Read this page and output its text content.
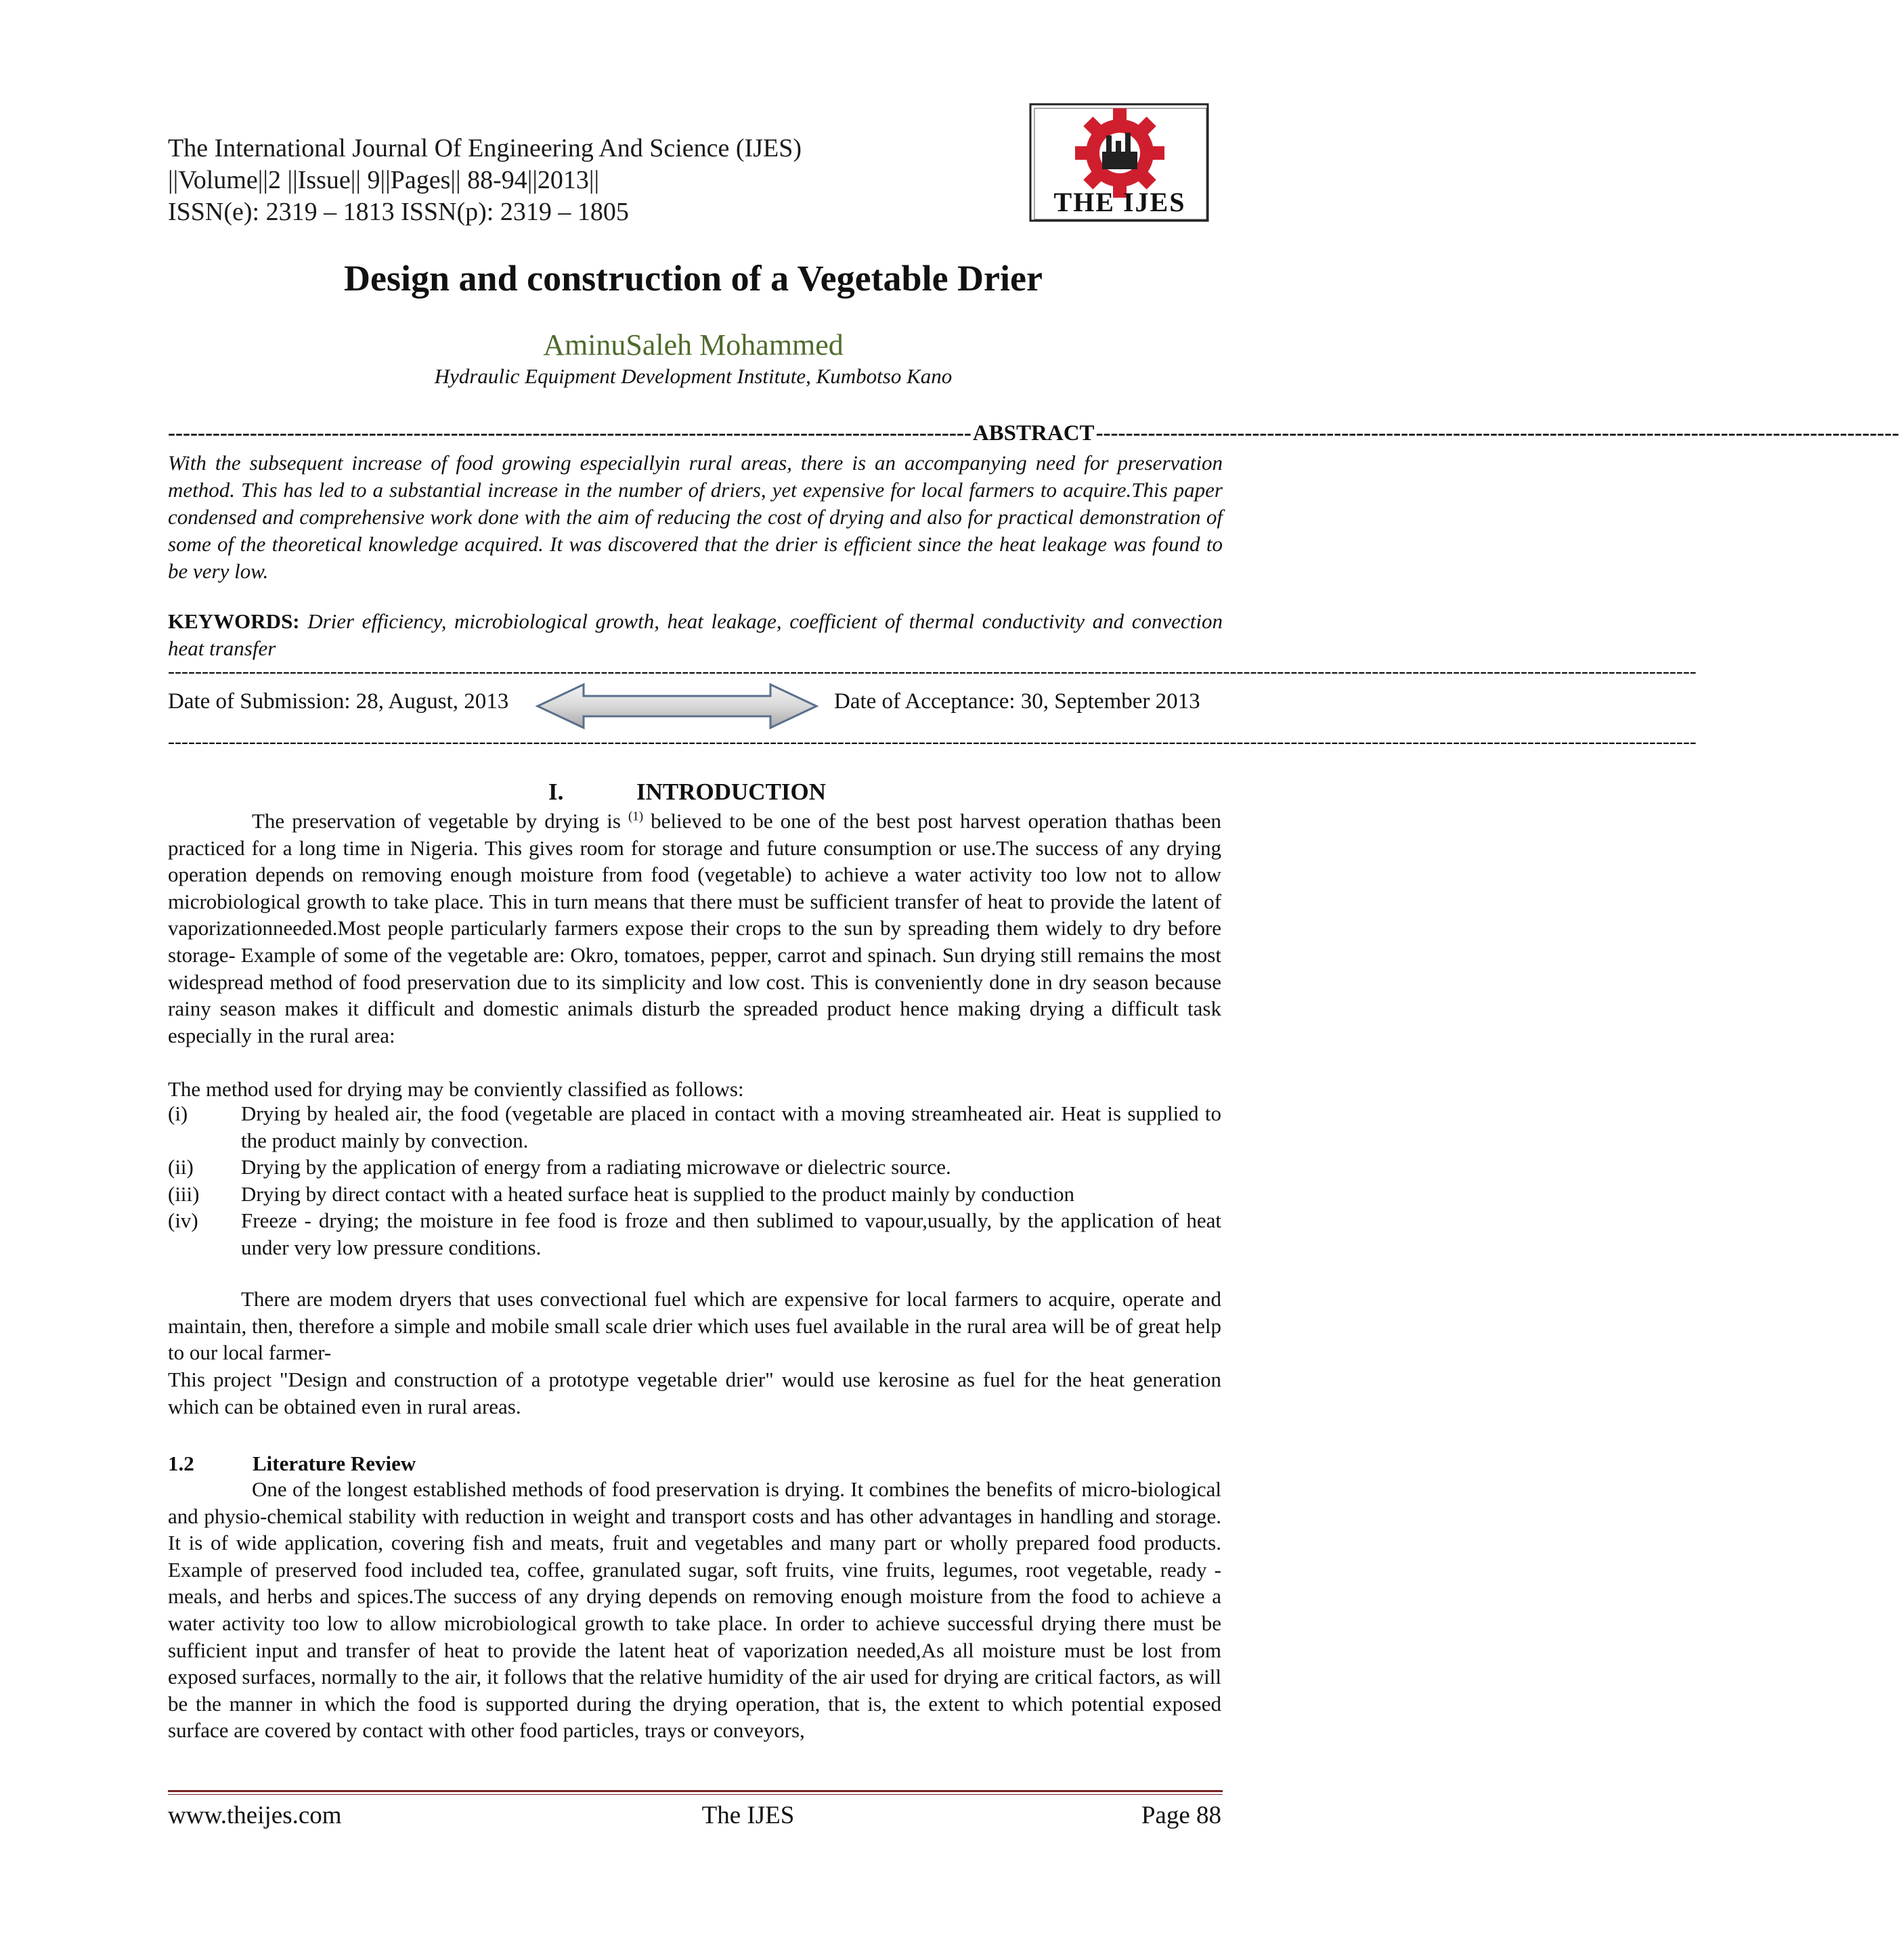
The International Journal Of Engineering And Science (IJES)
||Volume||2 ||Issue|| 9||Pages|| 88-94||2013||
ISSN(e): 2319 – 1813 ISSN(p): 2319 – 1805	THE IJES
Design and construction of a Vegetable Drier
AminuSaleh Mohammed
Hydraulic Equipment Development Institute, Kumbotso Kano
------------------------------------------------------------------------------------------------------------ ABSTRACT ------------------------------------------------------------------------------------------------------------
With the subsequent increase of food growing especiallyin rural areas, there is an accompanying need for preservation method. This has led to a substantial increase in the number of driers, yet expensive for local farmers to acquire.This paper condensed and comprehensive work done with the aim of reducing the cost of drying and also for practical demonstration of some of the theoretical knowledge acquired. It was discovered that the drier is efficient since the heat leakage was found to be very low.
KEYWORDS: Drier efficiency, microbiological growth, heat leakage, coefficient of thermal conductivity and convection heat transfer
----------------------------------------------------------------------------------------------------------------------------------------------------------------------------------------------------------------------------------
Date of Submission: 28, August, 2013	Date of Acceptance: 30, September 2013
----------------------------------------------------------------------------------------------------------------------------------------------------------------------------------------------------------------------------------
I.	INTRODUCTION
The preservation of vegetable by drying is $^{(1)}$ believed to be one of the best post harvest operation thathas been practiced for a long time in Nigeria. This gives room for storage and future consumption or use.The success of any drying operation depends on removing enough moisture from food (vegetable) to achieve a water activity too low not to allow microbiological growth to take place. This in turn means that there must be sufficient transfer of heat to provide the latent of vaporizationneeded.Most people particularly farmers expose their crops to the sun by spreading them widely to dry before storage- Example of some of the vegetable are: Okro, tomatoes, pepper, carrot and spinach. Sun drying still remains the most widespread method of food preservation due to its simplicity and low cost. This is conveniently done in dry season because rainy season makes it difficult and domestic animals disturb the spreaded product hence making drying a difficult task especially in the rural area:
The method used for drying may be conviently classified as follows:
(i)	Drying by healed air, the food (vegetable are placed in contact with a moving streamheated air. Heat is supplied to the product mainly by convection.
(ii)	Drying by the application of energy from a radiating microwave or dielectric source.
(iii)	Drying by direct contact with a heated surface heat is supplied to the product mainly by conduction
(iv)	Freeze - drying; the moisture in fee food is froze and then sublimed to vapour,usually, by the application of heat under very low pressure conditions.
There are modem dryers that uses convectional fuel which are expensive for local farmers to acquire, operate and maintain, then, therefore a simple and mobile small scale drier which uses fuel available in the rural area will be of great help to our local farmer-
This project "Design and construction of a prototype vegetable drier" would use kerosine as fuel for the heat generation which can be obtained even in rural areas.
1.2	Literature Review
One of the longest established methods of food preservation is drying. It combines the benefits of micro-biological and physio-chemical stability with reduction in weight and transport costs and has other advantages in handling and storage. It is of wide application, covering fish and meats, fruit and vegetables and many part or wholly prepared food products. Example of preserved food included tea, coffee, granulated sugar, soft fruits, vine fruits, legumes, root vegetable, ready - meals, and herbs and spices.The success of any drying depends on removing enough moisture from the food to achieve a water activity too low to allow microbiological growth to take place. In order to achieve successful drying there must be sufficient input and transfer of heat to provide the latent heat of vaporization needed,As all moisture must be lost from exposed surfaces, normally to the air, it follows that the relative humidity of the air used for drying are critical factors, as will be the manner in which the food is supported during the drying operation, that is, the extent to which potential exposed surface are covered by contact with other food particles, trays or conveyors,
www.theijes.com	The IJES	Page 88
